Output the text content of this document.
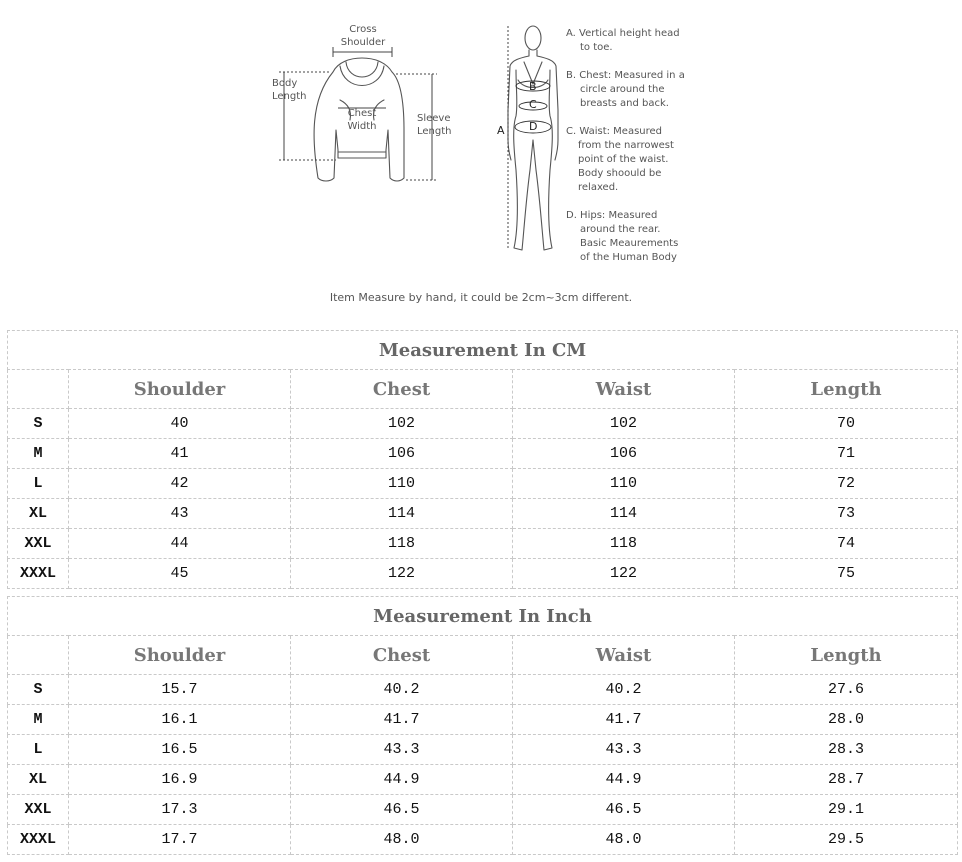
Cross
Shoulder
Body
Length
Chest
Width
Sleeve
Length	A
B
C
D
A. Vertical height head
to toe.
B. Chest: Measured in a
circle around the
breasts and back.
C. Waist: Measured
from the narrowest
point of the waist.
Body shoould be
relaxed.
D. Hips: Measured
around the rear.
Basic Meaurements
of the Human Body
Item Measure by hand, it could be 2cm~3cm different.
Measurement In CM				
	Shoulder	Chest	Waist	Length
S	40	102	102	70
M	41	106	106	71
L	42	110	110	72
XL	43	114	114	73
XXL	44	118	118	74
XXXL	45	122	122	75
Measurement In Inch				
	Shoulder	Chest	Waist	Length
S	15.7	40.2	40.2	27.6
M	16.1	41.7	41.7	28.0
L	16.5	43.3	43.3	28.3
XL	16.9	44.9	44.9	28.7
XXL	17.3	46.5	46.5	29.1
XXXL	17.7	48.0	48.0	29.5
